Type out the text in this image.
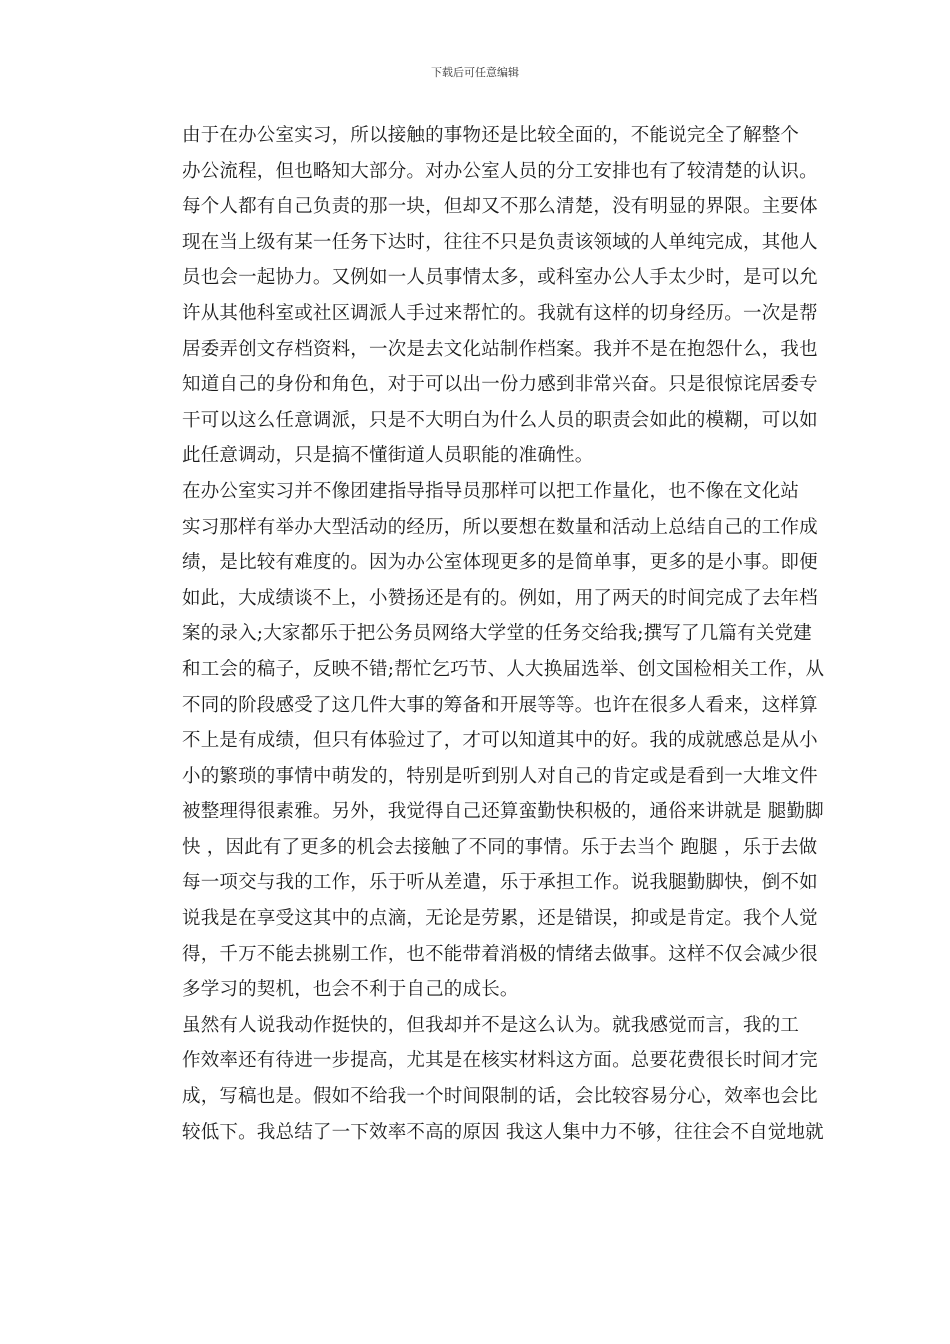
下载后可任意编辑

由于在办公室实习，所以接触的事物还是比较全面的，不能说完全了解整个
办公流程，但也略知大部分。对办公室人员的分工安排也有了较清楚的认识。
每个人都有自己负责的那一块，但却又不那么清楚，没有明显的界限。主要体
现在当上级有某一任务下达时，往往不只是负责该领域的人单纯完成，其他人
员也会一起协力。又例如一人员事情太多，或科室办公人手太少时，是可以允
许从其他科室或社区调派人手过来帮忙的。我就有这样的切身经历。一次是帮
居委弄创文存档资料，一次是去文化站制作档案。我并不是在抱怨什么，我也
知道自己的身份和角色，对于可以出一份力感到非常兴奋。只是很惊诧居委专
干可以这么任意调派，只是不大明白为什么人员的职责会如此的模糊，可以如
此任意调动，只是搞不懂街道人员职能的准确性。

在办公室实习并不像团建指导指导员那样可以把工作量化，也不像在文化站
实习那样有举办大型活动的经历，所以要想在数量和活动上总结自己的工作成
绩，是比较有难度的。因为办公室体现更多的是简单事，更多的是小事。即便
如此，大成绩谈不上，小赞扬还是有的。例如，用了两天的时间完成了去年档
案的录入;大家都乐于把公务员网络大学堂的任务交给我;撰写了几篇有关党建
和工会的稿子，反映不错;帮忙乞巧节、人大换届选举、创文国检相关工作，从
不同的阶段感受了这几件大事的筹备和开展等等。也许在很多人看来，这样算
不上是有成绩，但只有体验过了，才可以知道其中的好。我的成就感总是从小
小的繁琐的事情中萌发的，特别是听到别人对自己的肯定或是看到一大堆文件
被整理得很素雅。另外，我觉得自己还算蛮勤快积极的，通俗来讲就是 腿勤脚
快 ，因此有了更多的机会去接触了不同的事情。乐于去当个 跑腿 ，乐于去做
每一项交与我的工作，乐于听从差遣，乐于承担工作。说我腿勤脚快，倒不如
说我是在享受这其中的点滴，无论是劳累，还是错误，抑或是肯定。我个人觉
得，千万不能去挑剔工作，也不能带着消极的情绪去做事。这样不仅会减少很
多学习的契机，也会不利于自己的成长。

虽然有人说我动作挺快的，但我却并不是这么认为。就我感觉而言，我的工
作效率还有待进一步提高，尤其是在核实材料这方面。总要花费很长时间才完
成，写稿也是。假如不给我一个时间限制的话，会比较容易分心，效率也会比
较低下。我总结了一下效率不高的原因 我这人集中力不够，往往会不自觉地就
